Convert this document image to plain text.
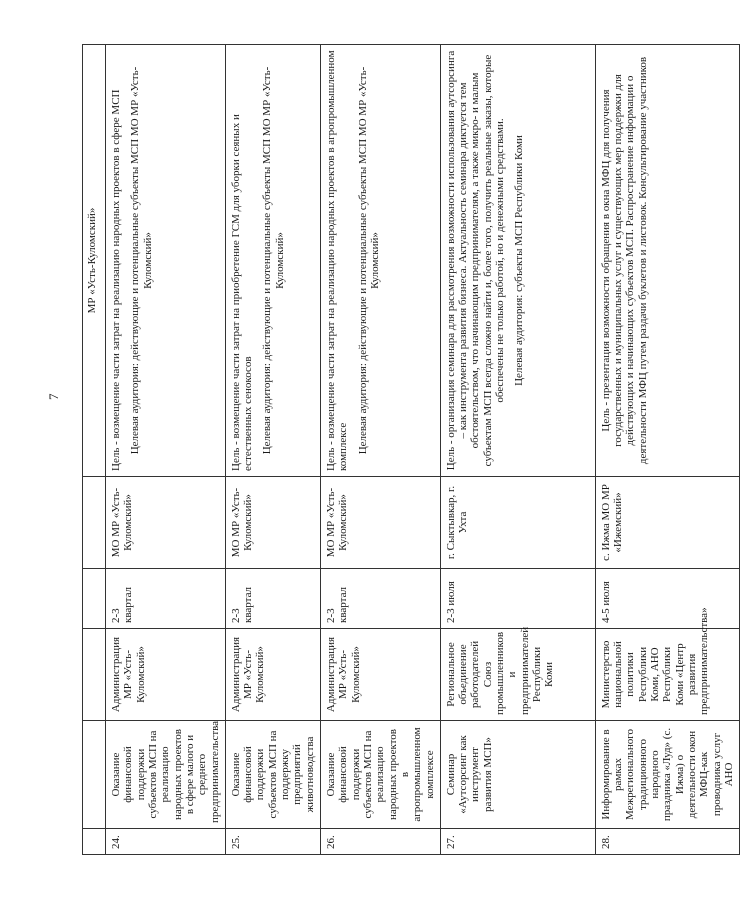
7
					МР «Усть-Куломский»
24.	Оказание финансовой поддержки субъектов МСП на реализацию народных проектов в сфере малого и среднего предпринимательства	Администрация МР «Усть-Куломский»	2-3 квартал	МО МР «Усть-Куломский»	Цель - возмещение части затрат на реализацию народных проектов в сфере МСП Целевая аудитория: действующие и потенциальные субъекты МСП МО МР «Усть-Куломский»

25.	Оказание финансовой поддержки субъектов МСП на поддержку предприятий животноводства	Администрация МР «Усть-Куломский»	2-3 квартал	МО МР «Усть-Куломский»	Цель - возмещение части затрат на приобретение ГСМ для уборки сеяных и естественных сенокосов Целевая аудитория: действующие и потенциальные субъекты МСП МО МР «Усть-Куломский»

26.	Оказание финансовой поддержки субъектов МСП на реализацию народных проектов в агропромышленном комплексе	Администрация МР «Усть-Куломский»	2-3 квартал	МО МР «Усть-Куломский»	Цель - возмещение части затрат на реализацию народных проектов в агропромышленном комплексе Целевая аудитория: действующие и потенциальные субъекты МСП МО МР «Усть-Куломский»

27.	Семинар «Аутсорсинг как инструмент развития МСП»	Региональное объединение работодателей Союз промышленников и предпринимателей Республики Коми	2-3 июля	г. Сыктывкар, г. Ухта	Цель - организация семинара для рассмотрения возможности использования аутсорсинга – как инструмента развития бизнеса. Актуальность семинара диктуется тем обстоятельством, что начинающим предпринимателям, а также микро- и малым субъектам МСП всегда сложно найти и, более того, получить реальные заказы, которые обеспечены не только работой, но и денежными средствами. Целевая аудитория: субъекты МСП Республики Коми

28.	Информирование в рамках Межрегионального традиционного народного праздника «Луд» (с. Ижма) о деятельности окон МФЦ-как проводника услуг АНО	Министерство национальной политики Республики Коми, АНО Республики Коми «Центр развития предпринимательства»	4-5 июля	с. Ижма МО МР «Ижемский»	Цель - презентация возможности обращения в окна МФЦ для получения государственных и муниципальных услуг и существующих мер поддержки для действующих и начинающих субъектов МСП. Распространение информации о деятельности МФЦ путем раздачи буклетов и листовок. Консультирование участников
